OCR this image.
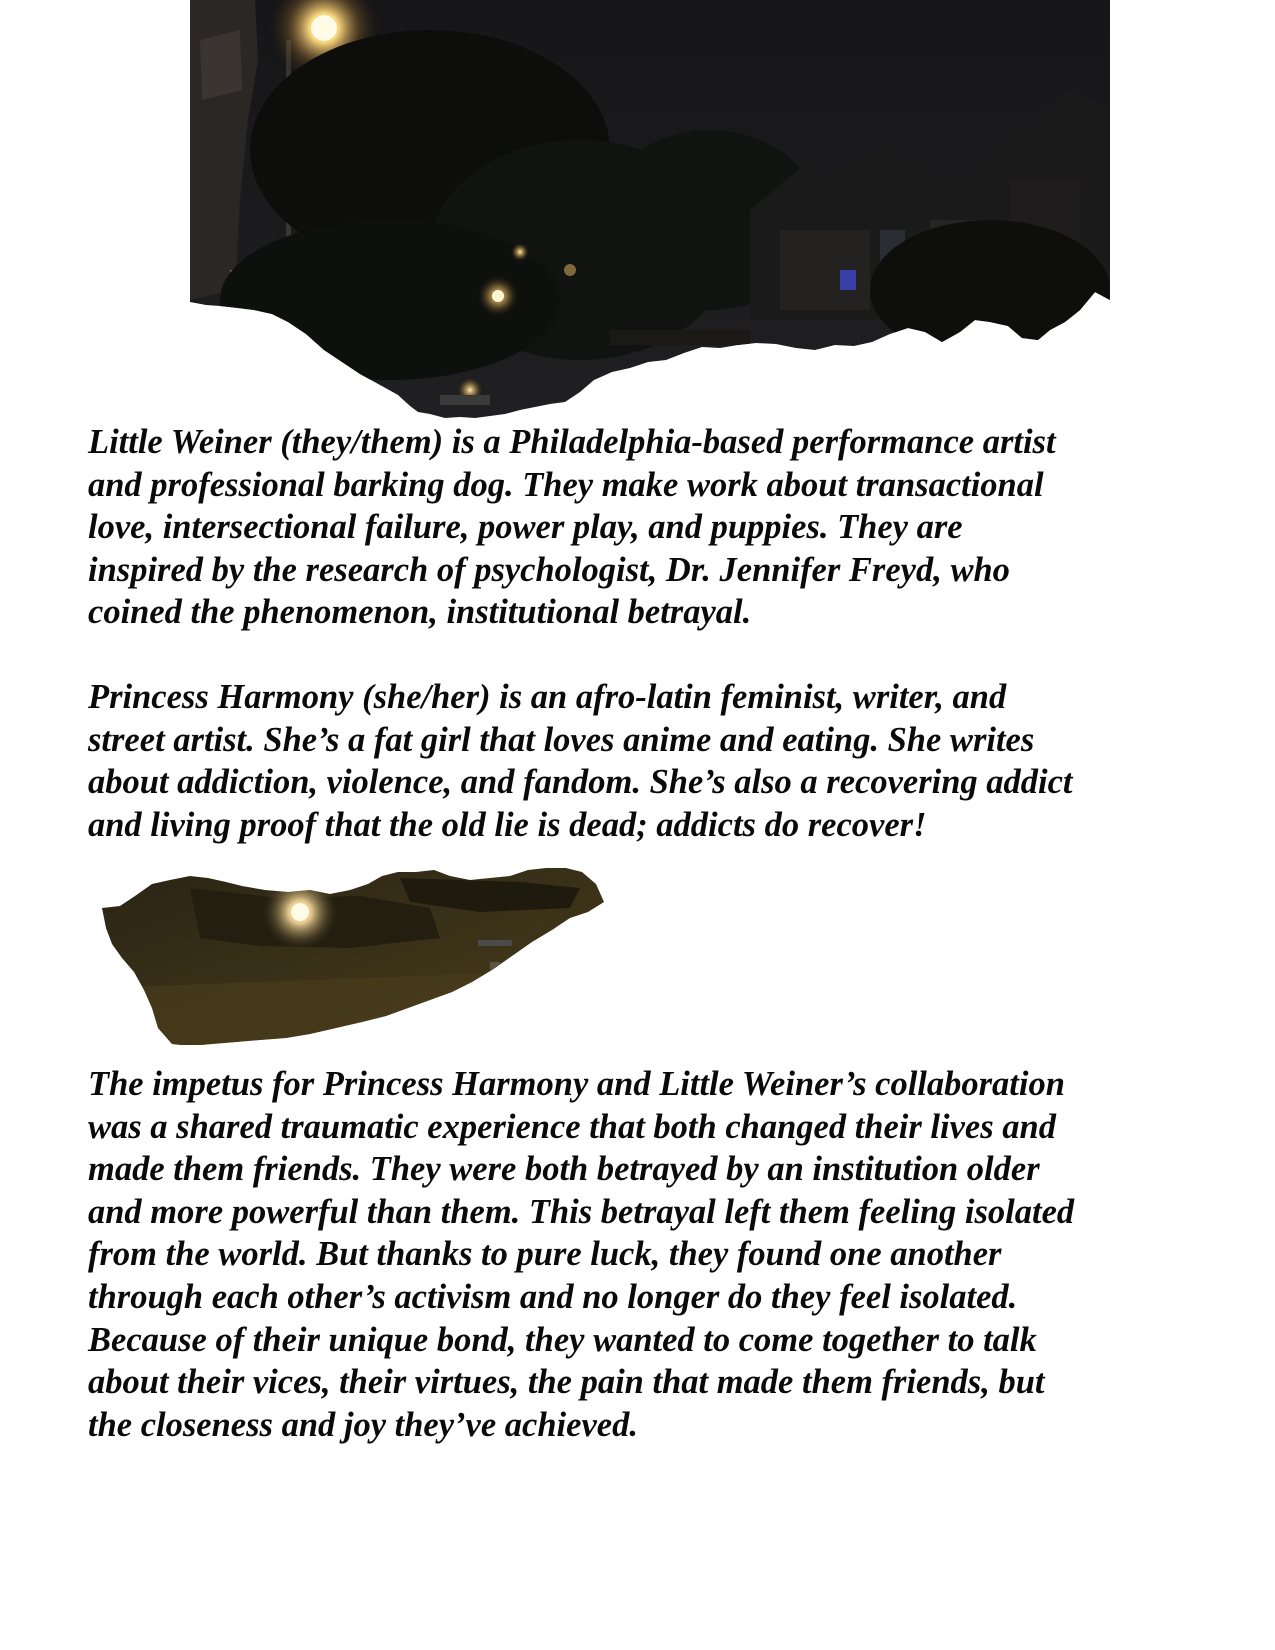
Little Weiner (they/them) is a Philadelphia-based performance artist
and professional barking dog. They make work about transactional
love, intersectional failure, power play, and puppies. They are
inspired by the research of psychologist, Dr. Jennifer Freyd, who
coined the phenomenon, institutional betrayal.

Princess Harmony (she/her) is an afro-latin feminist, writer, and
street artist. She’s a fat girl that loves anime and eating. She writes
about addiction, violence, and fandom. She’s also a recovering addict
and living proof that the old lie is dead; addicts do recover!

The impetus for Princess Harmony and Little Weiner’s collaboration
was a shared traumatic experience that both changed their lives and
made them friends. They were both betrayed by an institution older
and more powerful than them. This betrayal left them feeling isolated
from the world. But thanks to pure luck, they found one another
through each other’s activism and no longer do they feel isolated.
Because of their unique bond, they wanted to come together to talk
about their vices, their virtues, the pain that made them friends, but
the closeness and joy they’ve achieved.
